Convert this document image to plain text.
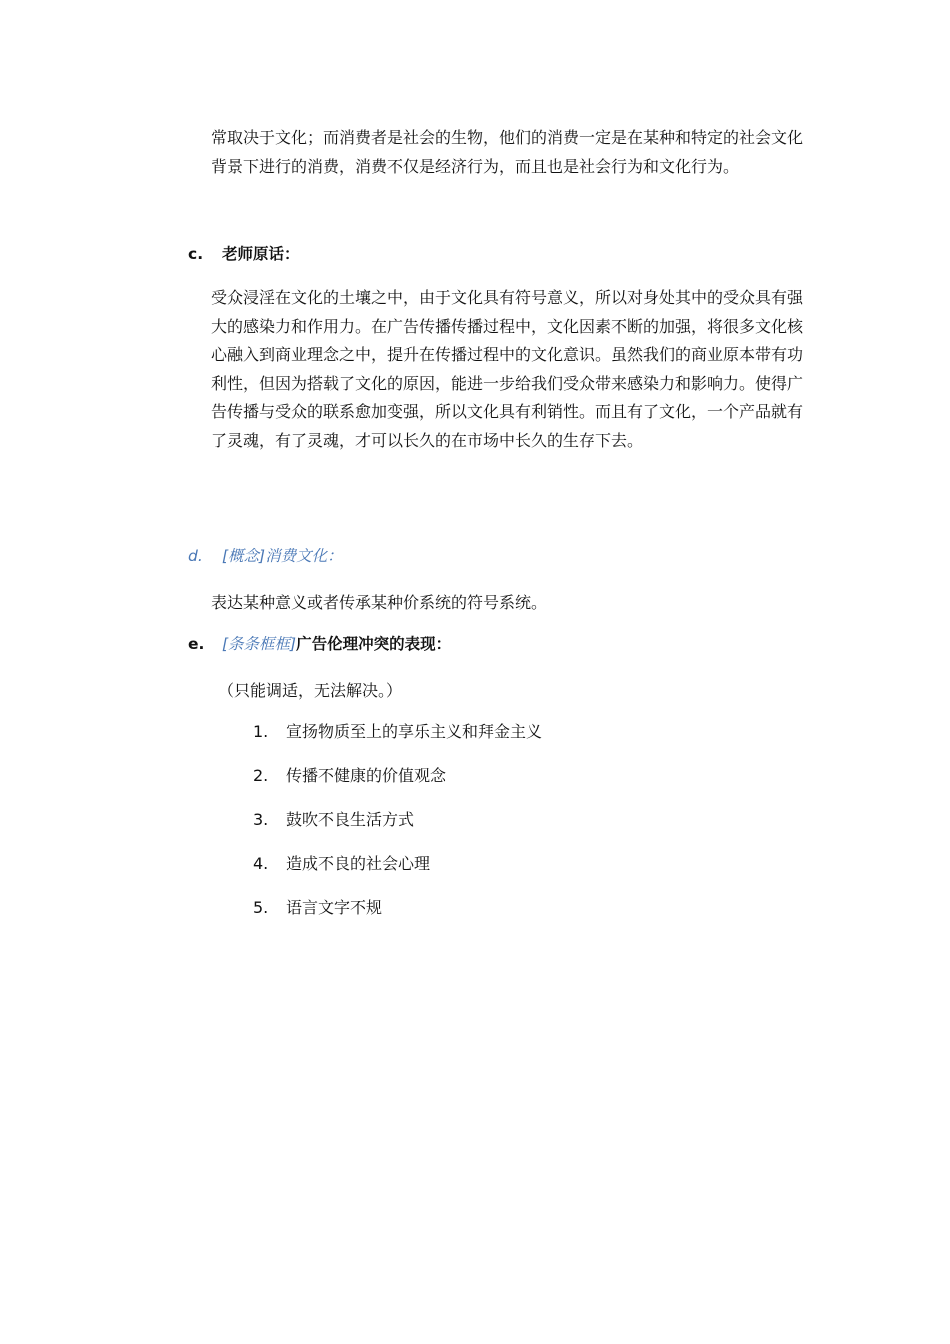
常取决于文化；而消费者是社会的生物，他们的消费一定是在某种和特定的社会文化背景下进行的消费，消费不仅是经济行为，而且也是社会行为和文化行为。

c. 老师原话：

受众浸淫在文化的土壤之中，由于文化具有符号意义，所以对身处其中的受众具有强大的感染力和作用力。在广告传播传播过程中，文化因素不断的加强，将很多文化核心融入到商业理念之中，提升在传播过程中的文化意识。虽然我们的商业原本带有功利性，但因为搭载了文化的原因，能进一步给我们受众带来感染力和影响力。使得广告传播与受众的联系愈加变强，所以文化具有利销性。而且有了文化，一个产品就有了灵魂，有了灵魂，才可以长久的在市场中长久的生存下去。

d. [概念]消费文化：

表达某种意义或者传承某种价系统的符号系统。

e. [条条框框]广告伦理冲突的表现：

（只能调适，无法解决。）

1. 宣扬物质至上的享乐主义和拜金主义
2. 传播不健康的价值观念
3. 鼓吹不良生活方式
4. 造成不良的社会心理
5. 语言文字不规
